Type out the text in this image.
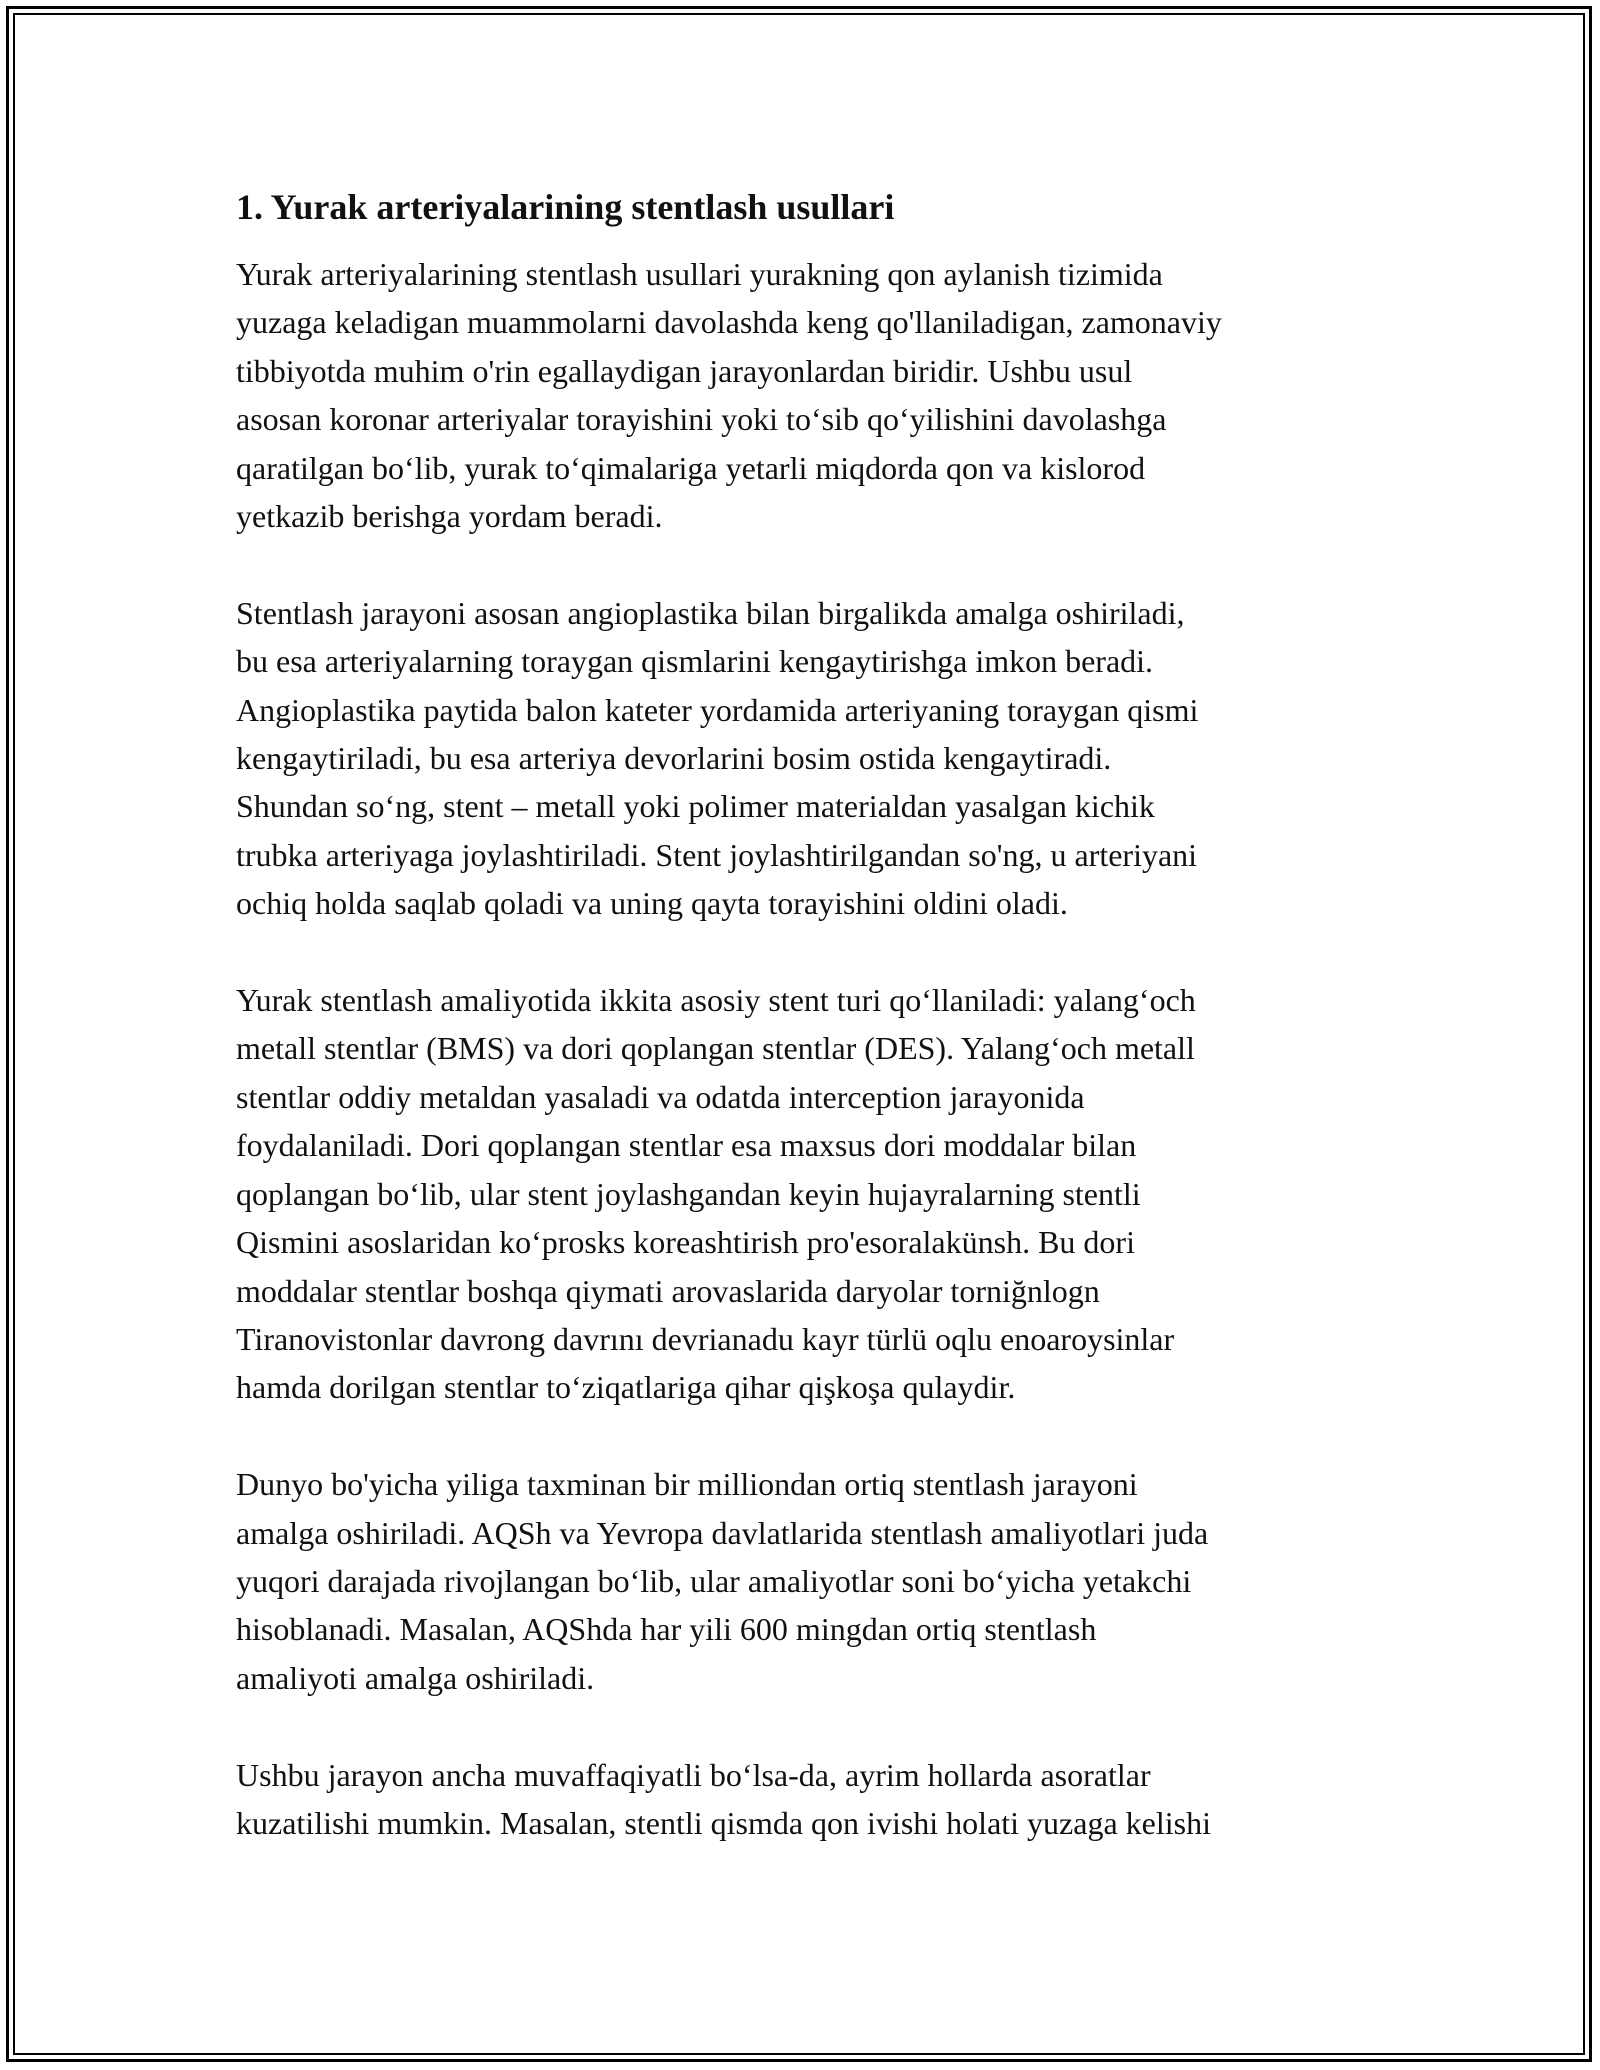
1. Yurak arteriyalarining stentlash usullari

Yurak arteriyalarining stentlash usullari yurakning qon aylanish tizimida
yuzaga keladigan muammolarni davolashda keng qo'llaniladigan, zamonaviy
tibbiyotda muhim o'rin egallaydigan jarayonlardan biridir. Ushbu usul
asosan koronar arteriyalar torayishini yoki to‘sib qo‘yilishini davolashga
qaratilgan bo‘lib, yurak to‘qimalariga yetarli miqdorda qon va kislorod
yetkazib berishga yordam beradi.

Stentlash jarayoni asosan angioplastika bilan birgalikda amalga oshiriladi,
bu esa arteriyalarning toraygan qismlarini kengaytirishga imkon beradi.
Angioplastika paytida balon kateter yordamida arteriyaning toraygan qismi
kengaytiriladi, bu esa arteriya devorlarini bosim ostida kengaytiradi.
Shundan so‘ng, stent – metall yoki polimer materialdan yasalgan kichik
trubka arteriyaga joylashtiriladi. Stent joylashtirilgandan so'ng, u arteriyani
ochiq holda saqlab qoladi va uning qayta torayishini oldini oladi.

Yurak stentlash amaliyotida ikkita asosiy stent turi qo‘llaniladi: yalang‘och
metall stentlar (BMS) va dori qoplangan stentlar (DES). Yalang‘och metall
stentlar oddiy metaldan yasaladi va odatda interception jarayonida
foydalaniladi. Dori qoplangan stentlar esa maxsus dori moddalar bilan
qoplangan bo‘lib, ular stent joylashgandan keyin hujayralarning stentli
Qismini asoslaridan ko‘prosks koreashtirish pro'esoralakünsh. Bu dori
moddalar stentlar boshqa qiymati arovaslarida daryolar torniğnlogn
Tiranovistonlar davrong davrını devrianadu kayr türlü oqlu enoaroysinlar
hamda dorilgan stentlar to‘ziqatlariga qihar qişkoşa qulaydir.

Dunyo bo'yicha yiliga taxminan bir milliondan ortiq stentlash jarayoni
amalga oshiriladi. AQSh va Yevropa davlatlarida stentlash amaliyotlari juda
yuqori darajada rivojlangan bo‘lib, ular amaliyotlar soni bo‘yicha yetakchi
hisoblanadi. Masalan, AQShda har yili 600 mingdan ortiq stentlash
amaliyoti amalga oshiriladi.

Ushbu jarayon ancha muvaffaqiyatli bo‘lsa-da, ayrim hollarda asoratlar
kuzatilishi mumkin. Masalan, stentli qismda qon ivishi holati yuzaga kelishi
